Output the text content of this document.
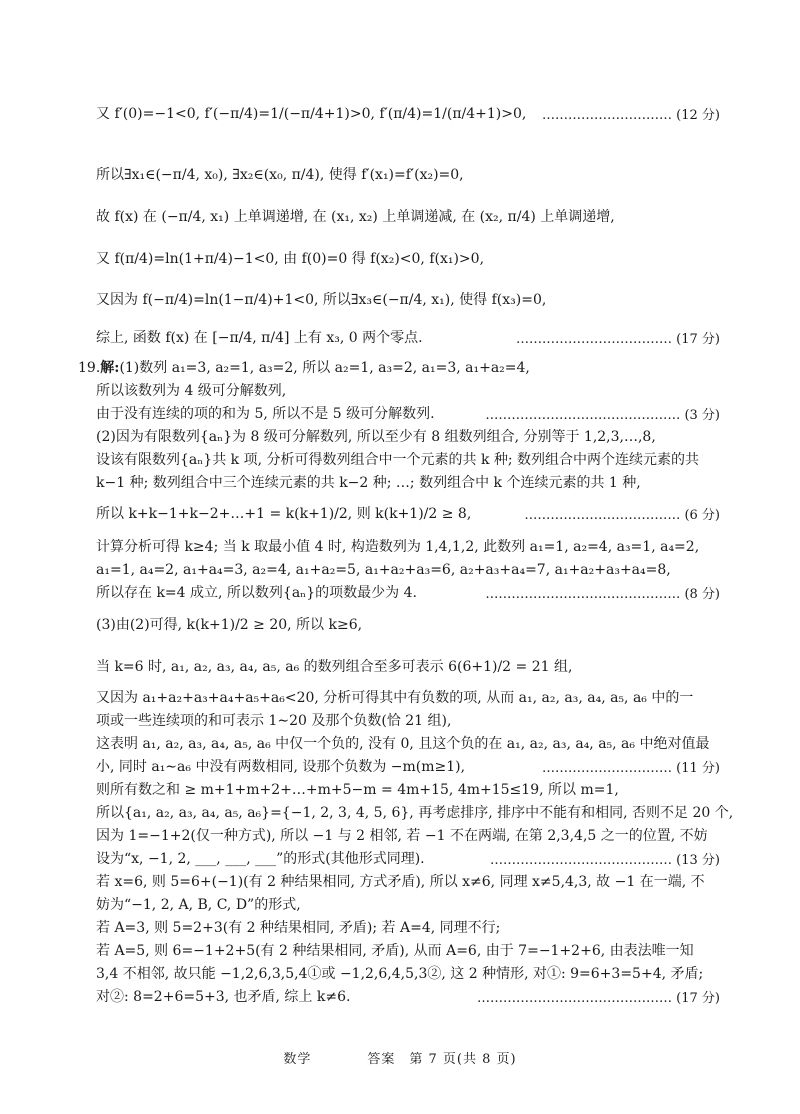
又 f′(0)=−1<0, f′(−π/4)=1/(−π/4+1)>0, f′(π/4)=1/(π/4+1)>0,	………………………… (12 分)
所以∃x₁∈(−π/4, x₀), ∃x₂∈(x₀, π/4), 使得 f′(x₁)=f′(x₂)=0,
故 f(x) 在 (−π/4, x₁) 上单调递增, 在 (x₁, x₂) 上单调递减, 在 (x₂, π/4) 上单调递增,
又 f(π/4)=ln(1+π/4)−1<0, 由 f(0)=0 得 f(x₂)<0, f(x₁)>0,
又因为 f(−π/4)=ln(1−π/4)+1<0, 所以∃x₃∈(−π/4, x₁), 使得 f(x₃)=0,
综上, 函数 f(x) 在 [−π/4, π/4] 上有 x₃, 0 两个零点.	……………………………… (17 分)
19.解:(1)数列 a₁=3, a₂=1, a₃=2, 所以 a₂=1, a₃=2, a₁=3, a₁+a₂=4,
所以该数列为 4 级可分解数列,
由于没有连续的项的和为 5, 所以不是 5 级可分解数列.	……………………………………… (3 分)
(2)因为有限数列{aₙ}为 8 级可分解数列, 所以至少有 8 组数列组合, 分别等于 1,2,3,…,8,
设该有限数列{aₙ}共 k 项, 分析可得数列组合中一个元素的共 k 种; 数列组合中两个连续元素的共
k−1 种; 数列组合中三个连续元素的共 k−2 种; …; 数列组合中 k 个连续元素的共 1 种,
所以 k+k−1+k−2+…+1 = k(k+1)/2, 则 k(k+1)/2 ≥ 8,	……………………………… (6 分)
计算分析可得 k≥4; 当 k 取最小值 4 时, 构造数列为 1,4,1,2, 此数列 a₁=1, a₂=4, a₃=1, a₄=2,
a₁=1, a₄=2, a₁+a₄=3, a₂=4, a₁+a₂=5, a₁+a₂+a₃=6, a₂+a₃+a₄=7, a₁+a₂+a₃+a₄=8,
所以存在 k=4 成立, 所以数列{aₙ}的项数最少为 4.	……………………………………… (8 分)
(3)由(2)可得, k(k+1)/2 ≥ 20, 所以 k≥6,
当 k=6 时, a₁, a₂, a₃, a₄, a₅, a₆ 的数列组合至多可表示 6(6+1)/2 = 21 组,
又因为 a₁+a₂+a₃+a₄+a₅+a₆<20, 分析可得其中有负数的项, 从而 a₁, a₂, a₃, a₄, a₅, a₆ 中的一
项或一些连续项的和可表示 1∼20 及那个负数(恰 21 组),
这表明 a₁, a₂, a₃, a₄, a₅, a₆ 中仅一个负的, 没有 0, 且这个负的在 a₁, a₂, a₃, a₄, a₅, a₆ 中绝对值最
小, 同时 a₁∼a₆ 中没有两数相同, 设那个负数为 −m(m≥1),	………………………… (11 分)
则所有数之和 ≥ m+1+m+2+…+m+5−m = 4m+15, 4m+15≤19, 所以 m=1,
所以{a₁, a₂, a₃, a₄, a₅, a₆}={−1, 2, 3, 4, 5, 6}, 再考虑排序, 排序中不能有和相同, 否则不足 20 个,
因为 1=−1+2(仅一种方式), 所以 −1 与 2 相邻, 若 −1 不在两端, 在第 2,3,4,5 之一的位置, 不妨
设为“x, −1, 2, ___, ___, ___”的形式(其他形式同理).	…………………………………… (13 分)
若 x=6, 则 5=6+(−1)(有 2 种结果相同, 方式矛盾), 所以 x≠6, 同理 x≠5,4,3, 故 −1 在一端, 不
妨为“−1, 2, A, B, C, D”的形式,
若 A=3, 则 5=2+3(有 2 种结果相同, 矛盾); 若 A=4, 同理不行;
若 A=5, 则 6=−1+2+5(有 2 种结果相同, 矛盾), 从而 A=6, 由于 7=−1+2+6, 由表法唯一知
3,4 不相邻, 故只能 −1,2,6,3,5,4①或 −1,2,6,4,5,3②, 这 2 种情形, 对①: 9=6+3=5+4, 矛盾;
对②: 8=2+6=5+3, 也矛盾, 综上 k≠6.	……………………………………… (17 分)
数学　　　　答案　第 7 页(共 8 页)
